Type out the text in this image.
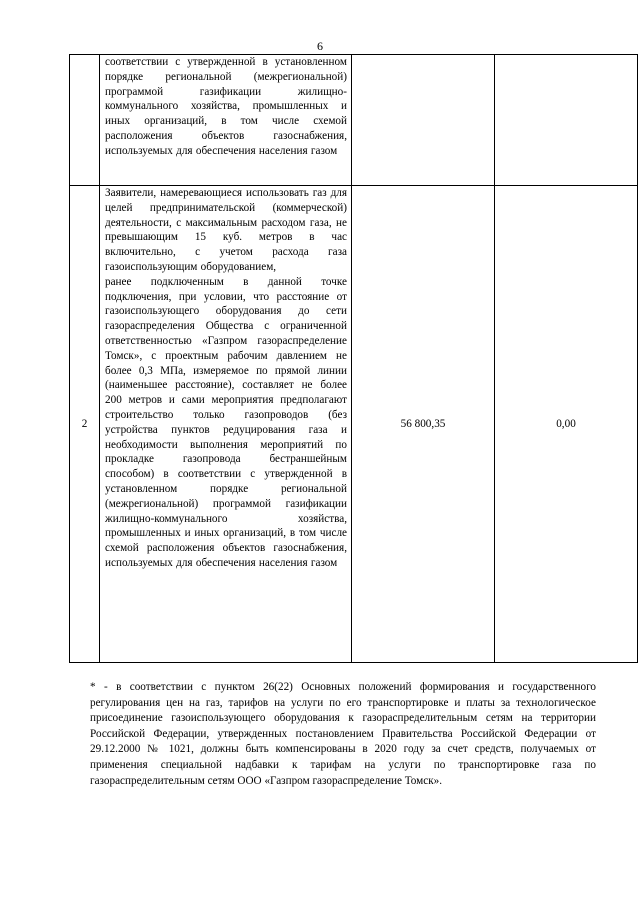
6

	соответствии с утвержденной в установленном порядке региональной (межрегиональной) программой газификации жилищно-коммунального хозяйства, промышленных и иных организаций, в том числе схемой расположения объектов газоснабжения, используемых для обеспечения населения газом		

2	Заявители, намеревающиеся использовать газ для целей предпринимательской (коммерческой) деятельности, с максимальным расходом газа, не превышающим 15 куб. метров в час включительно, с учетом расхода газа газоиспользующим оборудованием,
ранее подключенным в данной точке подключения, при условии, что расстояние от газоиспользующего оборудования до сети газораспределения Общества с ограниченной ответственностью «Газпром газораспределение Томск», с проектным рабочим давлением не более 0,3 МПа, измеряемое по прямой линии (наименьшее расстояние), составляет не более 200 метров и сами мероприятия предполагают строительство только газопроводов (без устройства пунктов редуцирования газа и необходимости выполнения мероприятий по прокладке газопровода бестраншейным способом) в соответствии с утвержденной в установленном порядке региональной (межрегиональной) программой газификации жилищно-коммунального хозяйства, промышленных и иных организаций, в том числе схемой расположения объектов газоснабжения, используемых для обеспечения населения газом	56 800,35	0,00
* - в соответствии с пунктом 26(22) Основных положений формирования и государственного регулирования цен на газ, тарифов на услуги по его транспортировке и платы за технологическое присоединение газоиспользующего оборудования к газораспределительным сетям на территории Российской Федерации, утвержденных постановлением Правительства Российской Федерации от 29.12.2000 № 1021, должны быть компенсированы в 2020 году за счет средств, получаемых от применения специальной надбавки к тарифам на услуги по транспортировке газа по газораспределительным сетям ООО «Газпром газораспределение Томск».
